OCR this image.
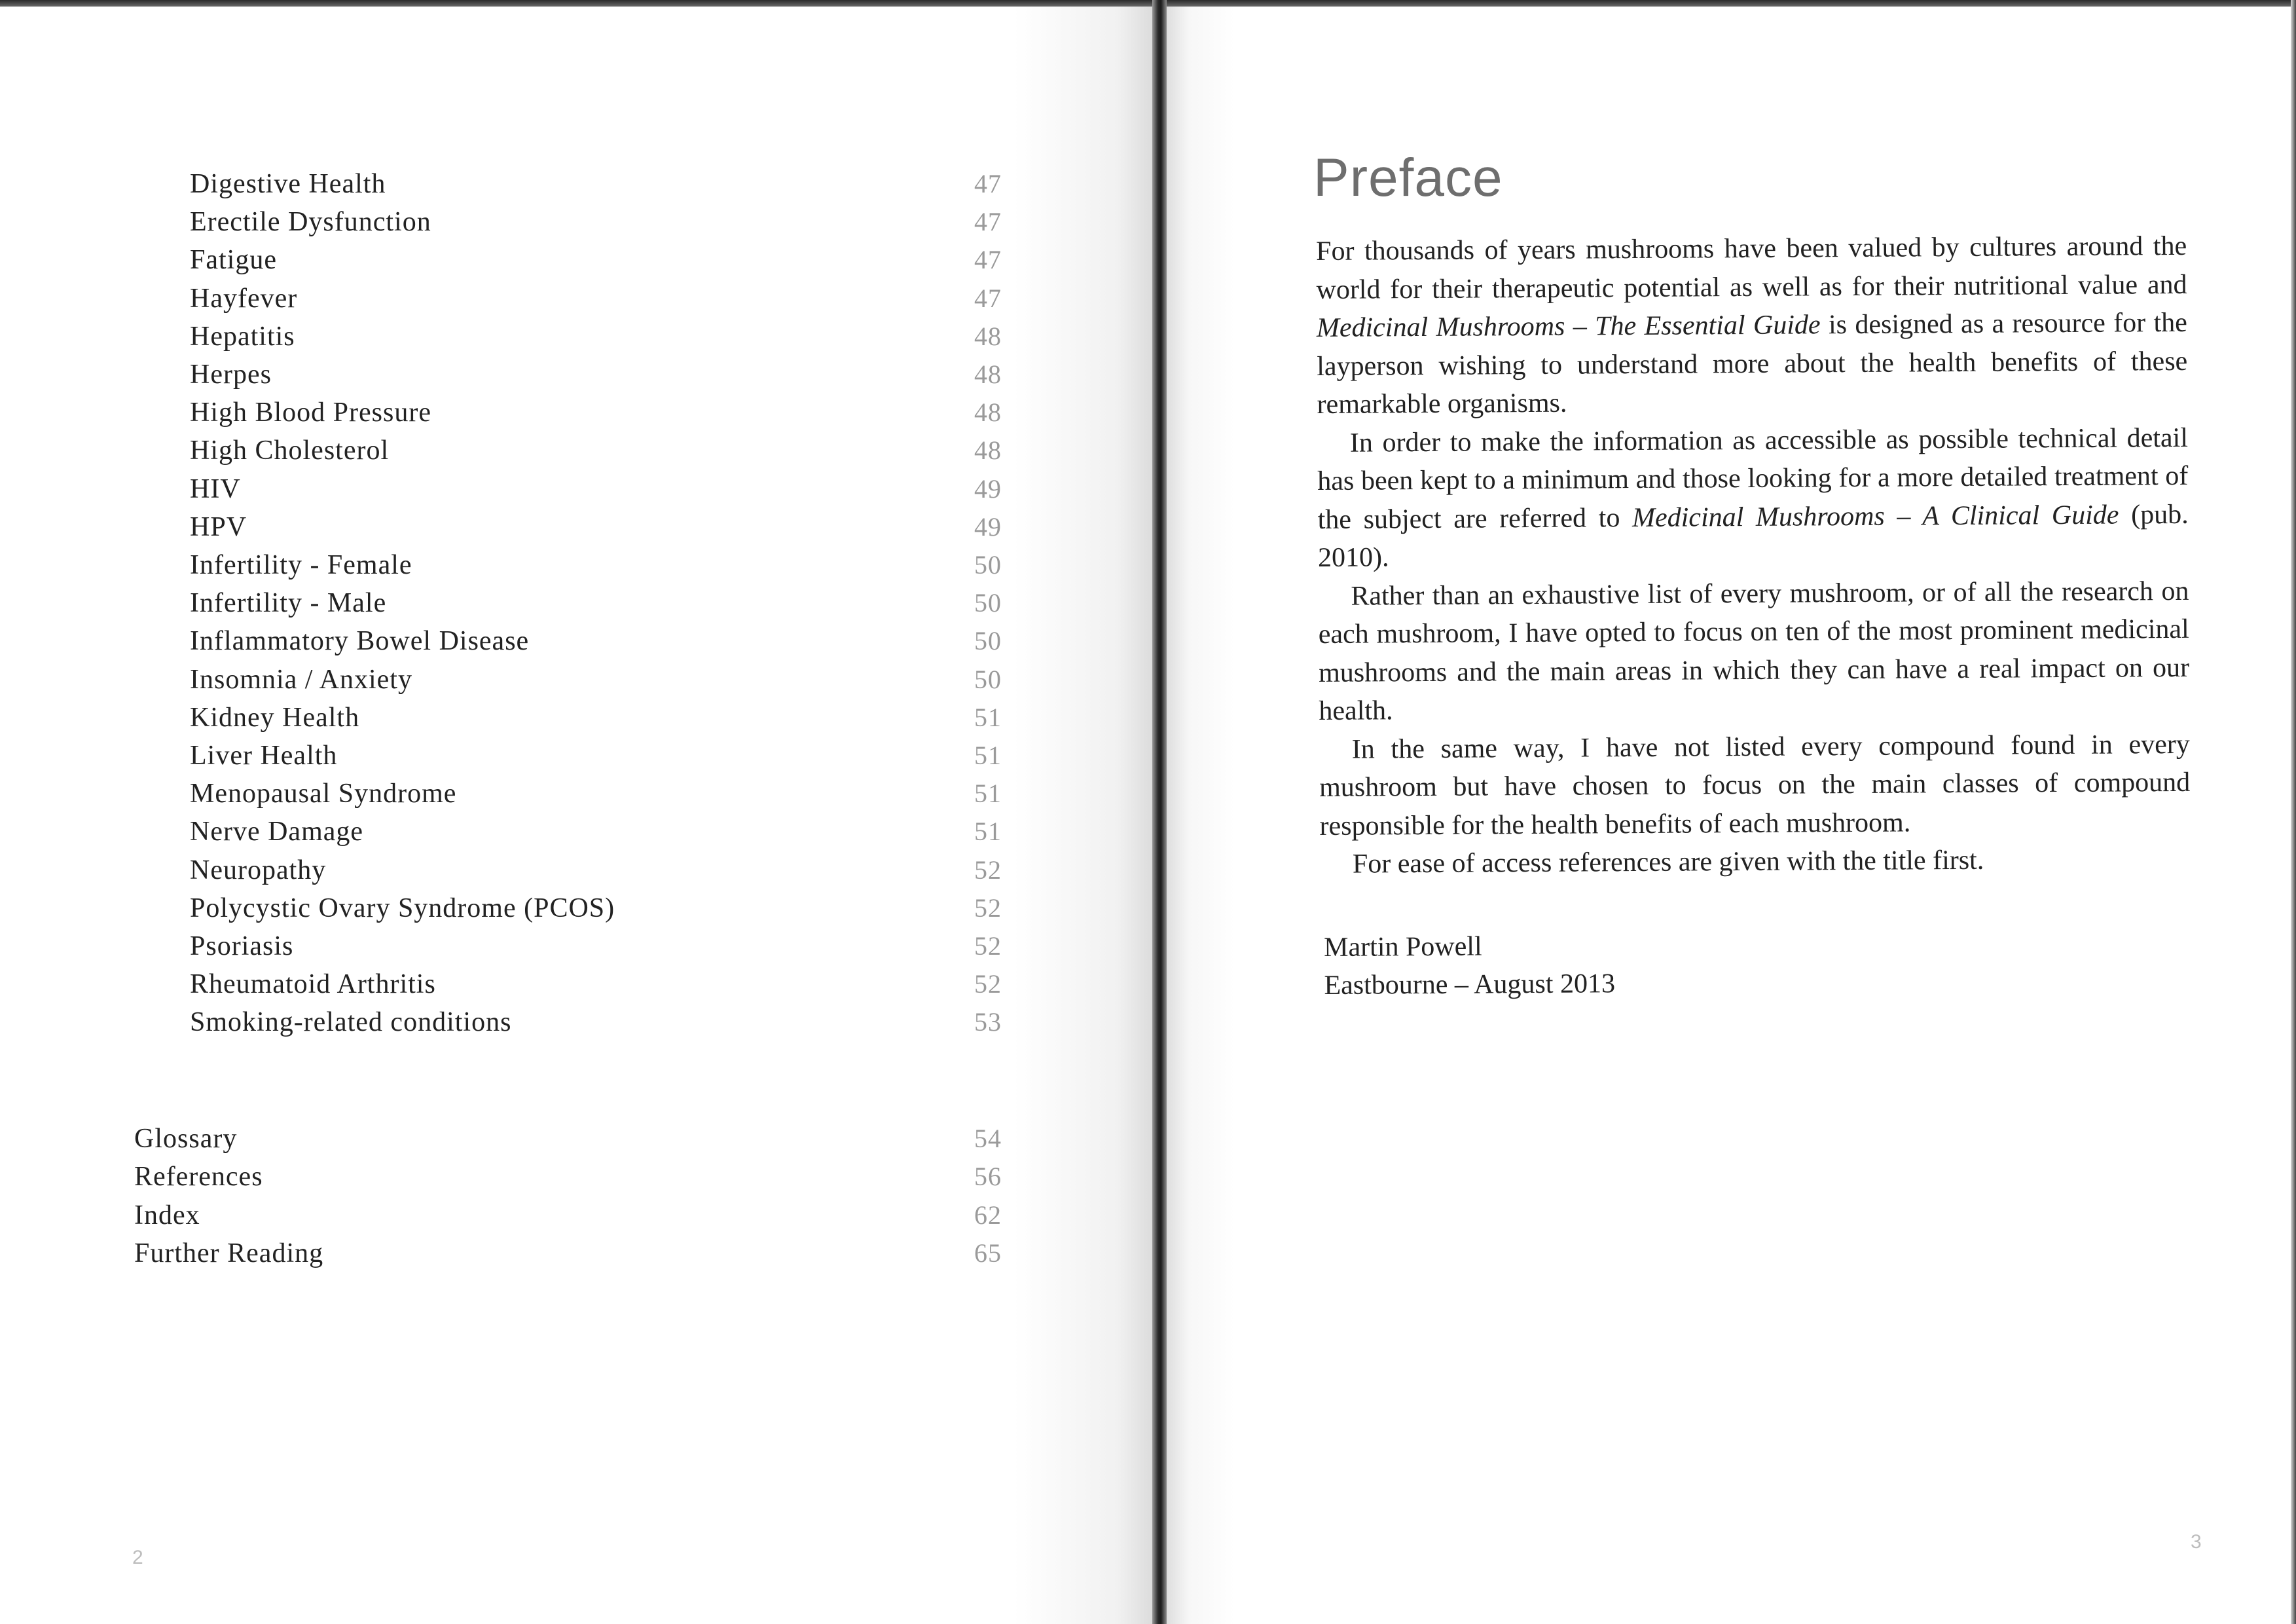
Digestive Health	47
Erectile Dysfunction	47
Fatigue	47
Hayfever	47
Hepatitis	48
Herpes	48
High Blood Pressure	48
High Cholesterol	48
HIV	49
HPV	49
Infertility - Female	50
Infertility - Male	50
Inflammatory Bowel Disease	50
Insomnia / Anxiety	50
Kidney Health	51
Liver Health	51
Menopausal Syndrome	51
Nerve Damage	51
Neuropathy	52
Polycystic Ovary Syndrome (PCOS)	52
Psoriasis	52
Rheumatoid Arthritis	52
Smoking-related conditions	53
Glossary	54
References	56
Index	62
Further Reading	65
2
Preface

For thousands of years mushrooms have been valued by cultures around the world for their therapeutic potential as well as for their nutritional value and Medicinal Mushrooms – The Essential Guide is designed as a resource for the layperson wishing to understand more about the health benefits of these remarkable organisms.

In order to make the information as accessible as possible technical detail has been kept to a minimum and those looking for a more detailed treatment of the subject are referred to Medicinal Mushrooms – A Clinical Guide (pub. 2010).

Rather than an exhaustive list of every mushroom, or of all the research on each mushroom, I have opted to focus on ten of the most prominent medicinal mushrooms and the main areas in which they can have a real impact on our health.

In the same way, I have not listed every compound found in every mushroom but have chosen to focus on the main classes of compound responsible for the health benefits of each mushroom.

For ease of access references are given with the title first.

Martin Powell
Eastbourne – August 2013
3
